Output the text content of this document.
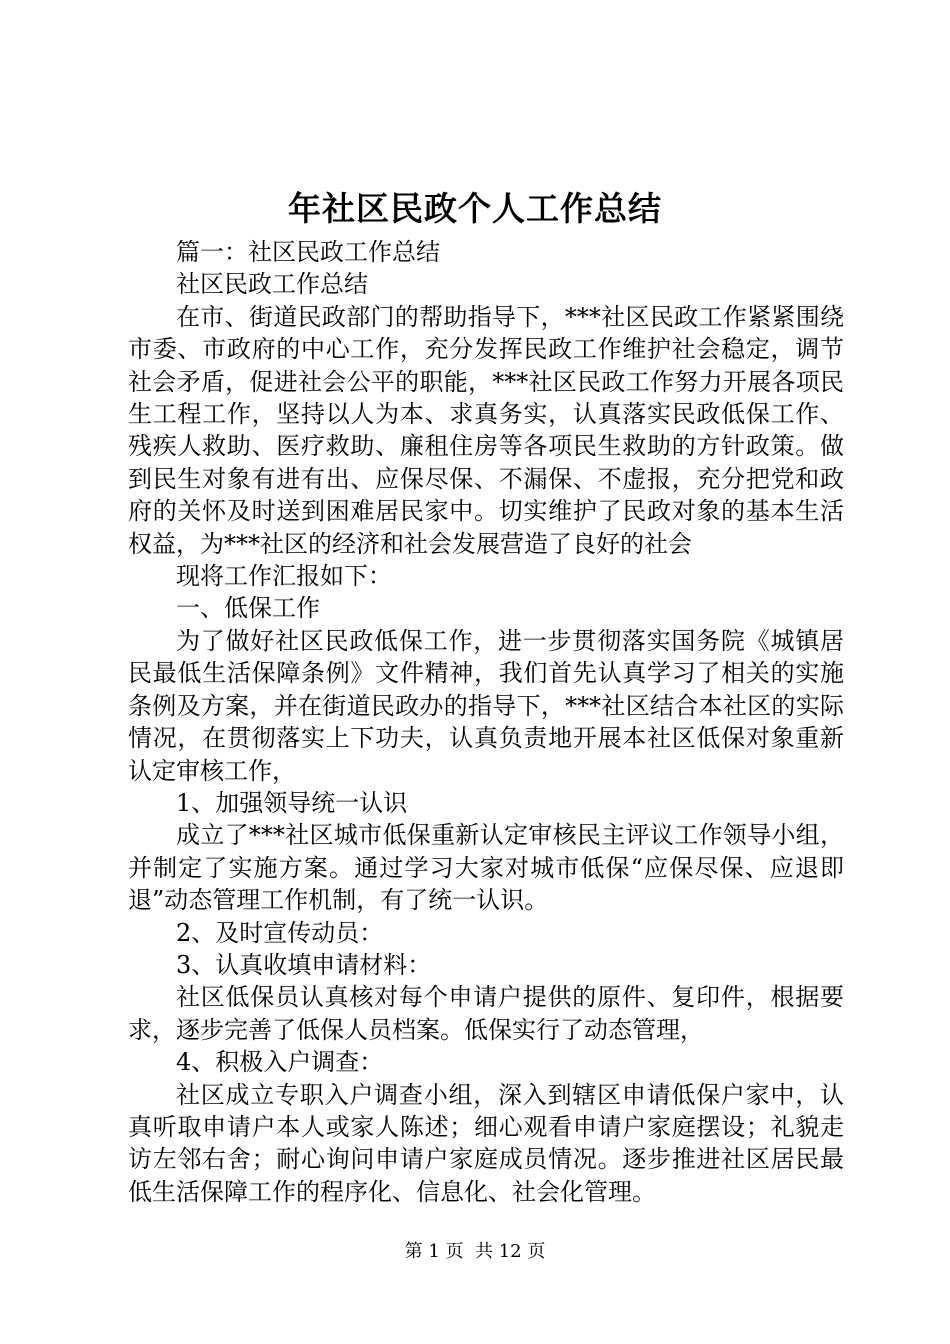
年社区民政个人工作总结

篇一：社区民政工作总结

社区民政工作总结

在市、街道民政部门的帮助指导下，***社区民政工作紧紧围绕市委、市政府的中心工作，充分发挥民政工作维护社会稳定，调节社会矛盾，促进社会公平的职能，***社区民政工作努力开展各项民生工程工作，坚持以人为本、求真务实，认真落实民政低保工作、残疾人救助、医疗救助、廉租住房等各项民生救助的方针政策。做到民生对象有进有出、应保尽保、不漏保、不虚报，充分把党和政府的关怀及时送到困难居民家中。切实维护了民政对象的基本生活权益，为***社区的经济和社会发展营造了良好的社会

现将工作汇报如下：

一、低保工作

为了做好社区民政低保工作，进一步贯彻落实国务院《城镇居民最低生活保障条例》文件精神，我们首先认真学习了相关的实施条例及方案，并在街道民政办的指导下，***社区结合本社区的实际情况，在贯彻落实上下功夫，认真负责地开展本社区低保对象重新认定审核工作，

1、加强领导统一认识

成立了***社区城市低保重新认定审核民主评议工作领导小组，并制定了实施方案。通过学习大家对城市低保“应保尽保、应退即退”动态管理工作机制，有了统一认识。

2、及时宣传动员：

3、认真收填申请材料：

社区低保员认真核对每个申请户提供的原件、复印件，根据要求，逐步完善了低保人员档案。低保实行了动态管理，

4、积极入户调查：

社区成立专职入户调查小组，深入到辖区申请低保户家中，认真听取申请户本人或家人陈述；细心观看申请户家庭摆设；礼貌走访左邻右舍；耐心询问申请户家庭成员情况。逐步推进社区居民最低生活保障工作的程序化、信息化、社会化管理。

第 1 页  共 12 页
